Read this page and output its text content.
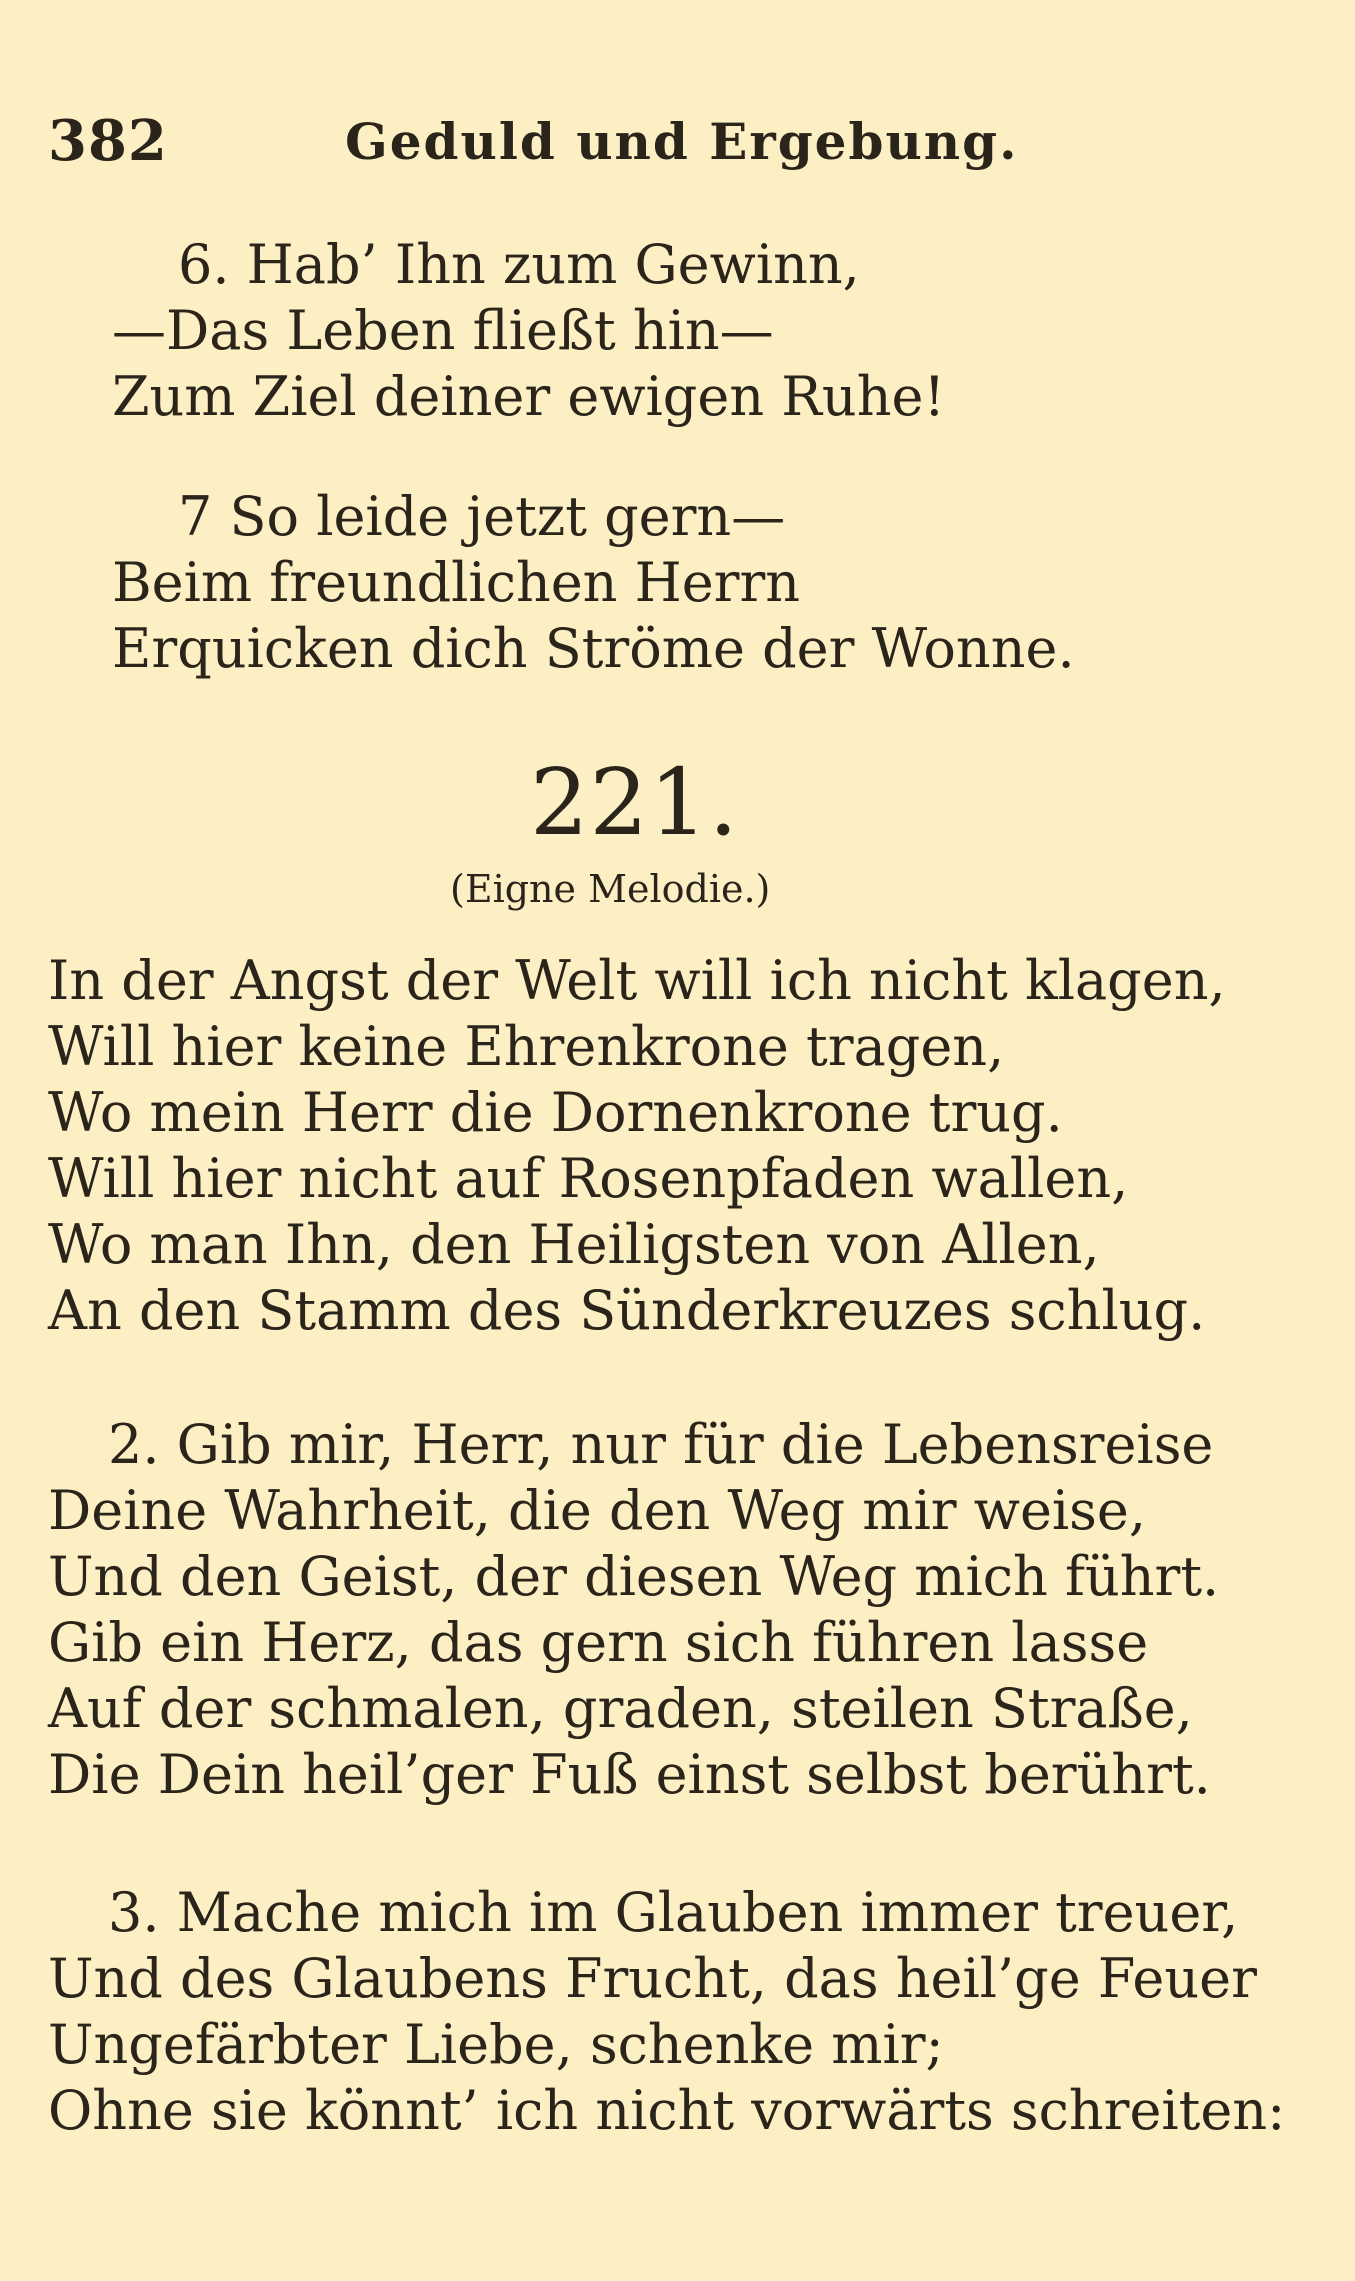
382	Geduld und Ergebung.
6. Hab’ Ihn zum Gewinn,
—Das Leben fließt hin—
Zum Ziel deiner ewigen Ruhe!
7 So leide jetzt gern—
Beim freundlichen Herrn
Erquicken dich Ströme der Wonne.
221.
(Eigne Melodie.)
In der Angst der Welt will ich nicht klagen,
Will hier keine Ehrenkrone tragen,
Wo mein Herr die Dornenkrone trug.
Will hier nicht auf Rosenpfaden wallen,
Wo man Ihn, den Heiligsten von Allen,
An den Stamm des Sünderkreuzes schlug.
2. Gib mir, Herr, nur für die Lebensreise
Deine Wahrheit, die den Weg mir weise,
Und den Geist, der diesen Weg mich führt.
Gib ein Herz, das gern sich führen lasse
Auf der schmalen, graden, steilen Straße,
Die Dein heil’ger Fuß einst selbst berührt.
3. Mache mich im Glauben immer treuer,
Und des Glaubens Frucht, das heil’ge Feuer
Ungefärbter Liebe, schenke mir;
Ohne sie könnt’ ich nicht vorwärts schreiten:
